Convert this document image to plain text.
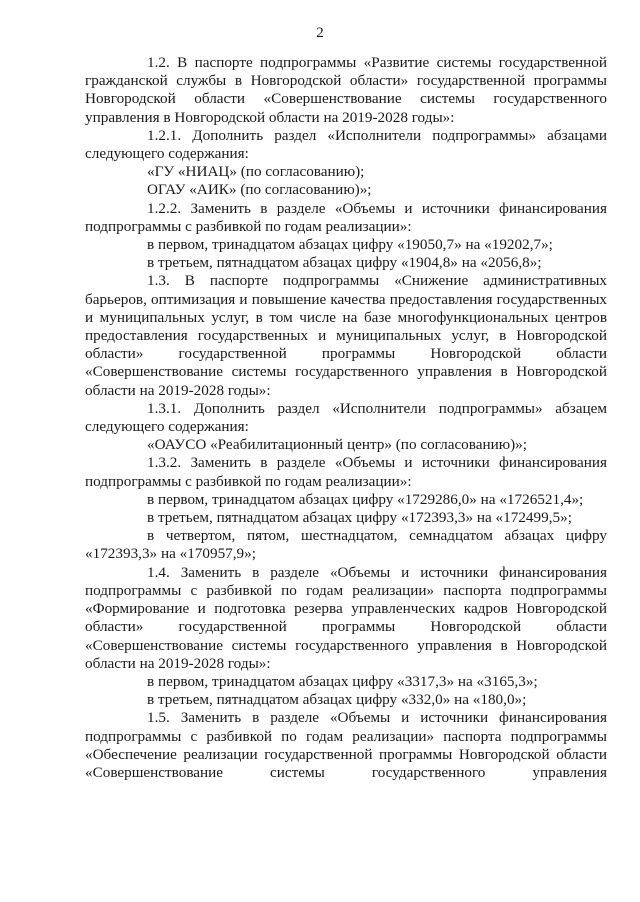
2

1.2. В паспорте подпрограммы «Развитие системы государственной гражданской службы в Новгородской области» государственной программы Новгородской области «Совершенствование системы государственного управления в Новгородской области на 2019-2028 годы»:

1.2.1. Дополнить раздел «Исполнители подпрограммы» абзацами следующего содержания:

«ГУ «НИАЦ» (по согласованию);

ОГАУ «АИК» (по согласованию)»;

1.2.2. Заменить в разделе «Объемы и источники финансирования подпрограммы с разбивкой по годам реализации»:

в первом, тринадцатом абзацах цифру «19050,7» на «19202,7»;

в третьем, пятнадцатом абзацах цифру «1904,8» на «2056,8»;

1.3. В паспорте подпрограммы «Снижение административных барьеров, оптимизация и повышение качества предоставления государственных и муниципальных услуг, в том числе на базе многофункциональных центров предоставления государственных и муниципальных услуг, в Новгородской области» государственной программы Новгородской области «Совершенствование системы государственного управления в Новгородской области на 2019-2028 годы»:

1.3.1. Дополнить раздел «Исполнители подпрограммы» абзацем следующего содержания:

«ОАУСО «Реабилитационный центр» (по согласованию)»;

1.3.2. Заменить в разделе «Объемы и источники финансирования подпрограммы с разбивкой по годам реализации»:

в первом, тринадцатом абзацах цифру «1729286,0» на «1726521,4»;

в третьем, пятнадцатом абзацах цифру «172393,3» на «172499,5»;

в четвертом, пятом, шестнадцатом, семнадцатом абзацах цифру «172393,3» на «170957,9»;

1.4. Заменить в разделе «Объемы и источники финансирования подпрограммы с разбивкой по годам реализации» паспорта подпрограммы «Формирование и подготовка резерва управленческих кадров Новгородской области» государственной программы Новгородской области «Совершенствование системы государственного управления в Новгородской области на 2019-2028 годы»:

в первом, тринадцатом абзацах цифру «3317,3» на «3165,3»;

в третьем, пятнадцатом абзацах цифру «332,0» на «180,0»;

1.5. Заменить в разделе «Объемы и источники финансирования подпрограммы с разбивкой по годам реализации» паспорта подпрограммы «Обеспечение реализации государственной программы Новгородской области «Совершенствование системы государственного управления
